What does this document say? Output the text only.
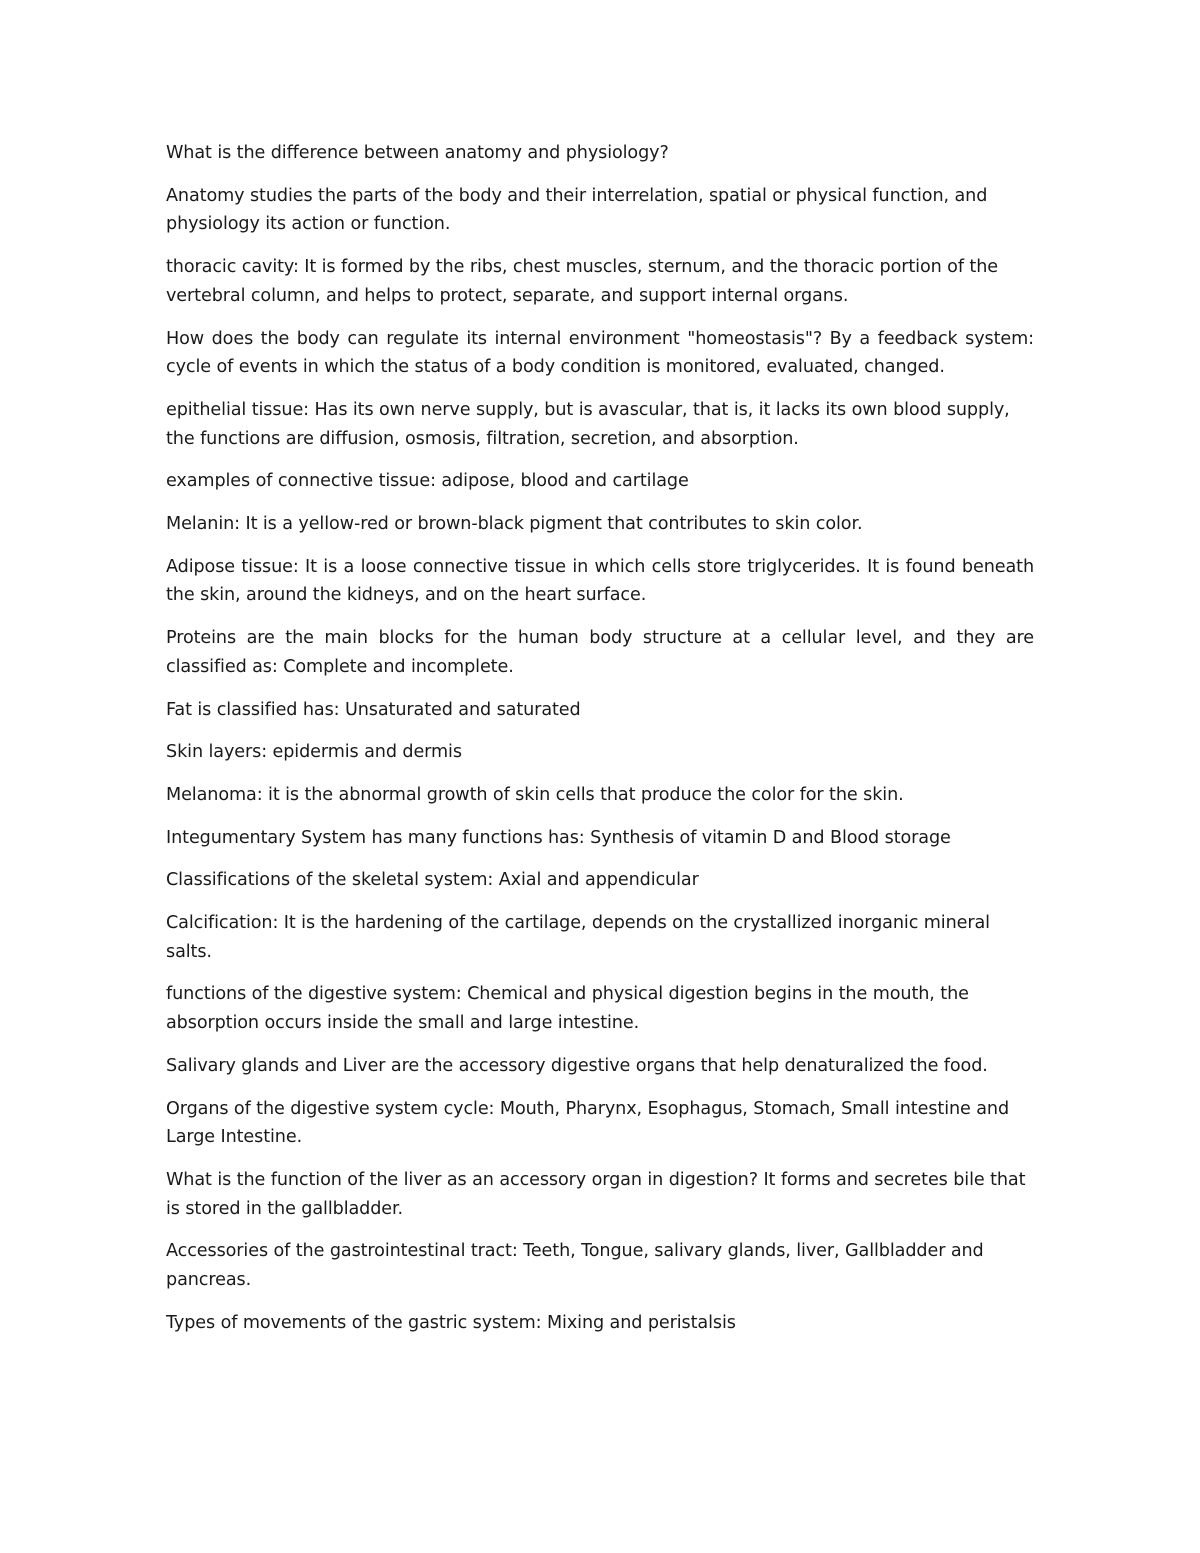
What is the difference between anatomy and physiology?

Anatomy studies the parts of the body and their interrelation, spatial or physical function, and physiology its action or function.

thoracic cavity: It is formed by the ribs, chest muscles, sternum, and the thoracic portion of the vertebral column, and helps to protect, separate, and support internal organs.

How does the body can regulate its internal environment "homeostasis"? By a feedback system: cycle of events in which the status of a body condition is monitored, evaluated, changed.

epithelial tissue: Has its own nerve supply, but is avascular, that is, it lacks its own blood supply, the functions are diffusion, osmosis, filtration, secretion, and absorption.

examples of connective tissue: adipose, blood and cartilage

Melanin: It is a yellow-red or brown-black pigment that contributes to skin color.

Adipose tissue: It is a loose connective tissue in which cells store triglycerides. It is found beneath the skin, around the kidneys, and on the heart surface.

Proteins are the main blocks for the human body structure at a cellular level, and they are classified as: Complete and incomplete.

Fat is classified has: Unsaturated and saturated

Skin layers: epidermis and dermis

Melanoma: it is the abnormal growth of skin cells that produce the color for the skin.

Integumentary System has many functions has: Synthesis of vitamin D and Blood storage

Classifications of the skeletal system: Axial and appendicular

Calcification: It is the hardening of the cartilage, depends on the crystallized inorganic mineral salts.

functions of the digestive system: Chemical and physical digestion begins in the mouth, the absorption occurs inside the small and large intestine.

Salivary glands and Liver are the accessory digestive organs that help denaturalized the food.

Organs of the digestive system cycle: Mouth, Pharynx, Esophagus, Stomach, Small intestine and Large Intestine.

What is the function of the liver as an accessory organ in digestion? It forms and secretes bile that is stored in the gallbladder.

Accessories of the gastrointestinal tract: Teeth, Tongue, salivary glands, liver, Gallbladder and pancreas.

Types of movements of the gastric system: Mixing and peristalsis
